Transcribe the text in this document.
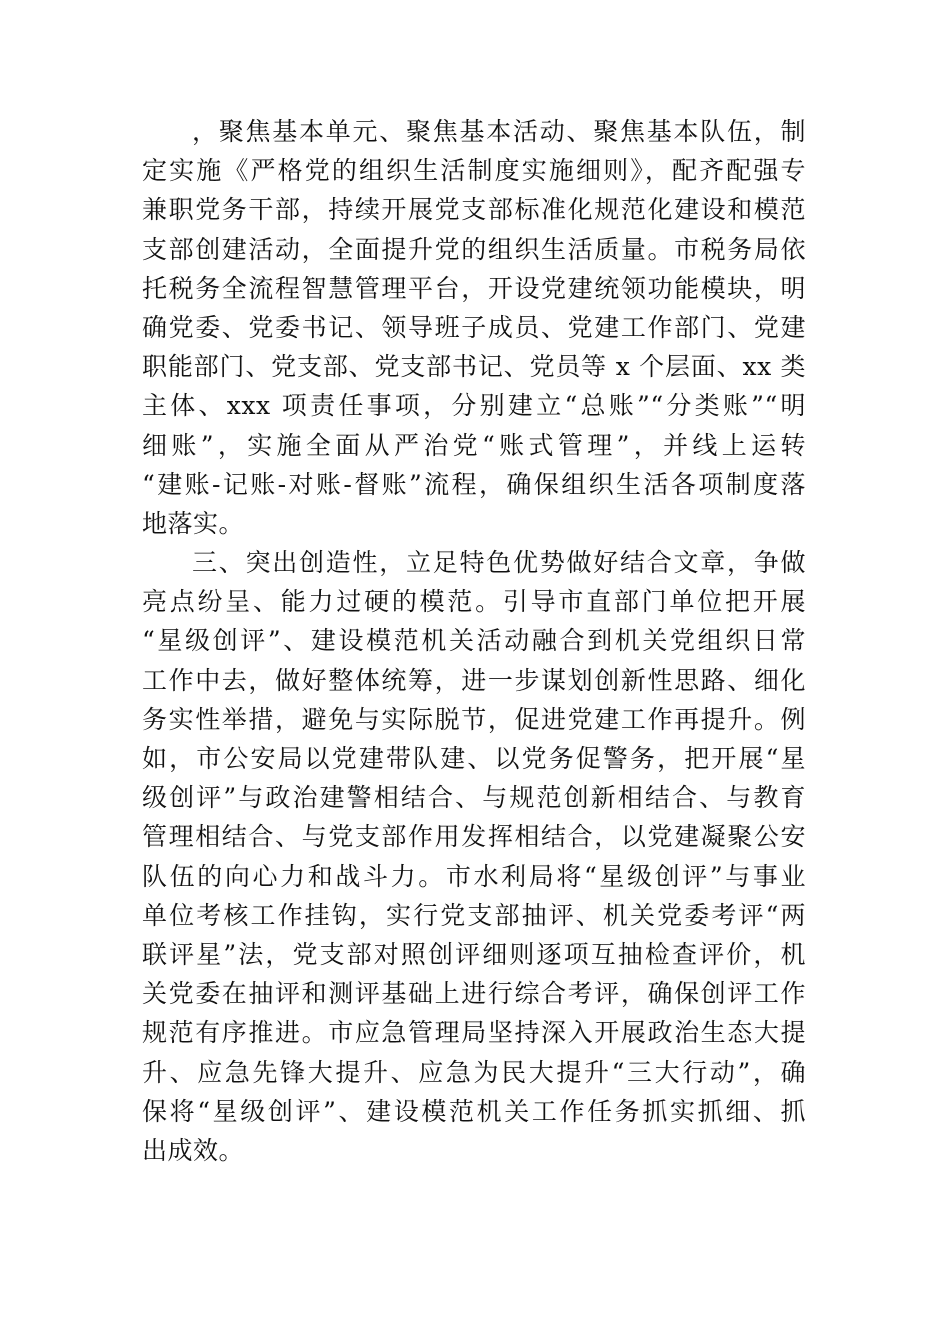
，聚焦基本单元、聚焦基本活动、聚焦基本队伍，制
定实施《严格党的组织生活制度实施细则》，配齐配强专
兼职党务干部，持续开展党支部标准化规范化建设和模范
支部创建活动，全面提升党的组织生活质量。市税务局依
托税务全流程智慧管理平台，开设党建统领功能模块，明
确党委、党委书记、领导班子成员、党建工作部门、党建
职能部门、党支部、党支部书记、党员等 x 个层面、xx 类
主体、xxx 项责任事项，分别建立“总账”“分类账”“明
细账”，实施全面从严治党“账式管理”，并线上运转
“建账-记账-对账-督账”流程，确保组织生活各项制度落
地落实。
三、突出创造性，立足特色优势做好结合文章，争做
亮点纷呈、能力过硬的模范。引导市直部门单位把开展
“星级创评”、建设模范机关活动融合到机关党组织日常
工作中去，做好整体统筹，进一步谋划创新性思路、细化
务实性举措，避免与实际脱节，促进党建工作再提升。例
如，市公安局以党建带队建、以党务促警务，把开展“星
级创评”与政治建警相结合、与规范创新相结合、与教育
管理相结合、与党支部作用发挥相结合，以党建凝聚公安
队伍的向心力和战斗力。市水利局将“星级创评”与事业
单位考核工作挂钩，实行党支部抽评、机关党委考评“两
联评星”法，党支部对照创评细则逐项互抽检查评价，机
关党委在抽评和测评基础上进行综合考评，确保创评工作
规范有序推进。市应急管理局坚持深入开展政治生态大提
升、应急先锋大提升、应急为民大提升“三大行动”，确
保将“星级创评”、建设模范机关工作任务抓实抓细、抓
出成效。
